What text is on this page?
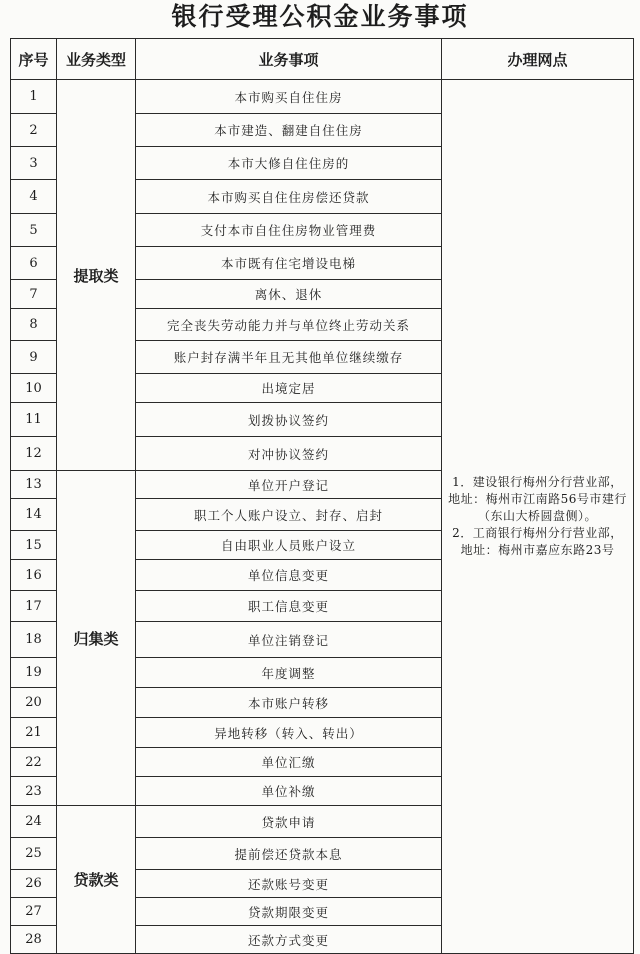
银行受理公积金业务事项
序号	业务类型	业务事项	办理网点
1	提取类	本市购买自住住房	1．建设银行梅州分行营业部，
地址：梅州市江南路56号市建行（东山大桥圆盘侧）。
2．工商银行梅州分行营业部，
地址：梅州市嘉应东路23号

2		本市建造、翻建自住住房	
3		本市大修自住住房的	
4		本市购买自住住房偿还贷款	
5		支付本市自住住房物业管理费	
6		本市既有住宅增设电梯	
7		离休、退休	
8		完全丧失劳动能力并与单位终止劳动关系	
9		账户封存满半年且无其他单位继续缴存	
10		出境定居	
11		划拨协议签约	
12		对冲协议签约	
13	归集类	单位开户登记	
14		职工个人账户设立、封存、启封	
15		自由职业人员账户设立	
16		单位信息变更	
17		职工信息变更	
18		单位注销登记	
19		年度调整	
20		本市账户转移	
21		异地转移（转入、转出）	
22		单位汇缴	
23		单位补缴	
24	贷款类	贷款申请	
25		提前偿还贷款本息	
26		还款账号变更	
27		贷款期限变更	
28		还款方式变更	
